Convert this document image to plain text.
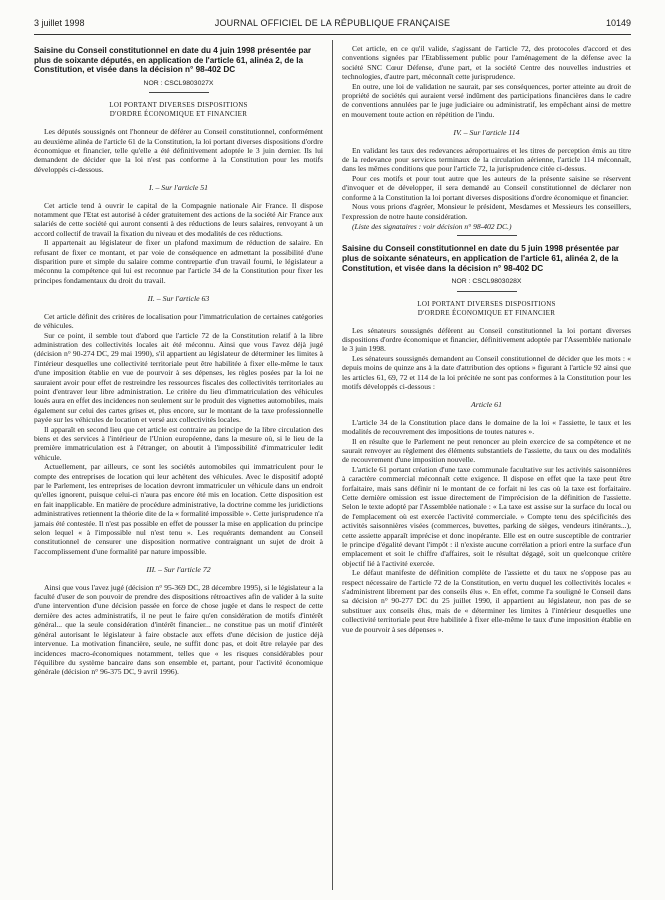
3 juillet 1998	JOURNAL OFFICIEL DE LA RÉPUBLIQUE FRANÇAISE	10149
Saisine du Conseil constitutionnel en date du 4 juin 1998 présentée par plus de soixante députés, en application de l'article 61, alinéa 2, de la Constitution, et visée dans la décision n° 98-402 DC
NOR : CSCL9803027X
LOI PORTANT DIVERSES DISPOSITIONS
D'ORDRE ÉCONOMIQUE ET FINANCIER

Les députés soussignés ont l'honneur de déférer au Conseil constitutionnel, conformément au deuxième alinéa de l'article 61 de la Constitution, la loi portant diverses dispositions d'ordre économique et financier, telle qu'elle a été définitivement adoptée le 3 juin dernier. Ils lui demandent de décider que la loi n'est pas conforme à la Constitution pour les motifs développés ci-dessous.

I. – Sur l'article 51

Cet article tend à ouvrir le capital de la Compagnie nationale Air France. Il dispose notamment que l'Etat est autorisé à céder gratuitement des actions de la société Air France aux salariés de cette société qui auront consenti à des réductions de leurs salaires, renvoyant à un accord collectif de travail la fixation du niveau et des modalités de ces réductions.

Il appartenait au législateur de fixer un plafond maximum de réduction de salaire. En refusant de fixer ce montant, et par voie de conséquence en admettant la possibilité d'une disparition pure et simple du salaire comme contrepartie d'un travail fourni, le législateur a méconnu la compétence qui lui est reconnue par l'article 34 de la Constitution pour fixer les principes fondamentaux du droit du travail.

II. – Sur l'article 63

Cet article définit des critères de localisation pour l'immatriculation de certaines catégories de véhicules.

Sur ce point, il semble tout d'abord que l'article 72 de la Constitution relatif à la libre administration des collectivités locales ait été méconnu. Ainsi que vous l'avez déjà jugé (décision n° 90-274 DC, 29 mai 1990), s'il appartient au législateur de déterminer les limites à l'intérieur desquelles une collectivité territoriale peut être habilitée à fixer elle-même le taux d'une imposition établie en vue de pourvoir à ses dépenses, les règles posées par la loi ne sauraient avoir pour effet de restreindre les ressources fiscales des collectivités territoriales au point d'entraver leur libre administration. Le critère du lieu d'immatriculation des véhicules loués aura en effet des incidences non seulement sur le produit des vignettes automobiles, mais également sur celui des cartes grises et, plus encore, sur le montant de la taxe professionnelle payée sur les véhicules de location et versé aux collectivités locales.

Il apparaît en second lieu que cet article est contraire au principe de la libre circulation des biens et des services à l'intérieur de l'Union européenne, dans la mesure où, si le lieu de la première immatriculation est à l'étranger, on aboutit à l'impossibilité d'immatriculer ledit véhicule.

Actuellement, par ailleurs, ce sont les sociétés automobiles qui immatriculent pour le compte des entreprises de location qui leur achètent des véhicules. Avec le dispositif adopté par le Parlement, les entreprises de location devront immatriculer un véhicule dans un endroit qu'elles ignorent, puisque celui-ci n'aura pas encore été mis en location. Cette disposition est en fait inapplicable. En matière de procédure administrative, la doctrine comme les juridictions administratives retiennent la théorie dite de la « formalité impossible ». Cette jurisprudence n'a jamais été contestée. Il n'est pas possible en effet de pousser la mise en application du principe selon lequel « à l'impossible nul n'est tenu ». Les requérants demandent au Conseil constitutionnel de censurer une disposition normative contraignant un sujet de droit à l'accomplissement d'une formalité par nature impossible.

III. – Sur l'article 72

Ainsi que vous l'avez jugé (décision n° 95-369 DC, 28 décembre 1995), si le législateur a la faculté d'user de son pouvoir de prendre des dispositions rétroactives afin de valider à la suite d'une intervention d'une décision passée en force de chose jugée et dans le respect de cette dernière des actes administratifs, il ne peut le faire qu'en considération de motifs d'intérêt général... que la seule considération d'intérêt financier... ne constitue pas un motif d'intérêt général autorisant le législateur à faire obstacle aux effets d'une décision de justice déjà intervenue. La motivation financière, seule, ne suffit donc pas, et doit être relayée par des incidences macro-économiques notamment, telles que « les risques considérables pour l'équilibre du système bancaire dans son ensemble et, partant, pour l'activité économique générale (décision n° 96-375 DC, 9 avril 1996).

Cet article, en ce qu'il valide, s'agissant de l'article 72, des protocoles d'accord et des conventions signées par l'Etablissement public pour l'aménagement de la défense avec la société SNC Cœur Défense, d'une part, et la société Centre des nouvelles industries et technologies, d'autre part, méconnaît cette jurisprudence.

En outre, une loi de validation ne saurait, par ses conséquences, porter atteinte au droit de propriété de sociétés qui auraient versé indûment des participations financières dans le cadre de conventions annulées par le juge judiciaire ou administratif, les empêchant ainsi de mettre en mouvement toute action en répétition de l'indu.

IV. – Sur l'article 114

En validant les taux des redevances aéroportuaires et les titres de perception émis au titre de la redevance pour services terminaux de la circulation aérienne, l'article 114 méconnaît, dans les mêmes conditions que pour l'article 72, la jurisprudence citée ci-dessus.

Pour ces motifs et pour tout autre que les auteurs de la présente saisine se réservent d'invoquer et de développer, il sera demandé au Conseil constitutionnel de déclarer non conforme à la Constitution la loi portant diverses dispositions d'ordre économique et financier.

Nous vous prions d'agréer, Monsieur le président, Mesdames et Messieurs les conseillers, l'expression de notre haute considération.

(Liste des signataires : voir décision n° 98-402 DC.)

Saisine du Conseil constitutionnel en date du 5 juin 1998 présentée par plus de soixante sénateurs, en application de l'article 61, alinéa 2, de la Constitution, et visée dans la décision n° 98-402 DC
NOR : CSCL9803028X
LOI PORTANT DIVERSES DISPOSITIONS
D'ORDRE ÉCONOMIQUE ET FINANCIER

Les sénateurs soussignés défèrent au Conseil constitutionnel la loi portant diverses dispositions d'ordre économique et financier, définitivement adoptée par l'Assemblée nationale le 3 juin 1998.

Les sénateurs soussignés demandent au Conseil constitutionnel de décider que les mots : « depuis moins de quinze ans à la date d'attribution des options » figurant à l'article 92 ainsi que les articles 61, 69, 72 et 114 de la loi précitée ne sont pas conformes à la Constitution pour les motifs développés ci-dessous :

Article 61

L'article 34 de la Constitution place dans le domaine de la loi « l'assiette, le taux et les modalités de recouvrement des impositions de toutes natures ».

Il en résulte que le Parlement ne peut renoncer au plein exercice de sa compétence et ne saurait renvoyer au règlement des éléments substantiels de l'assiette, du taux ou des modalités de recouvrement d'une imposition nouvelle.

L'article 61 portant création d'une taxe communale facultative sur les activités saisonnières à caractère commercial méconnaît cette exigence. Il dispose en effet que la taxe peut être forfaitaire, mais sans définir ni le montant de ce forfait ni les cas où la taxe est forfaitaire. Cette dernière omission est issue directement de l'imprécision de la définition de l'assiette. Selon le texte adopté par l'Assemblée nationale : « La taxe est assise sur la surface du local ou de l'emplacement où est exercée l'activité commerciale. » Compte tenu des spécificités des activités saisonnières visées (commerces, buvettes, parking de sièges, vendeurs itinérants...), cette assiette apparaît imprécise et donc inopérante. Elle est en outre susceptible de contrarier le principe d'égalité devant l'impôt : il n'existe aucune corrélation a priori entre la surface d'un emplacement et soit le chiffre d'affaires, soit le résultat dégagé, soit un quelconque critère objectif lié à l'activité exercée.

Le défaut manifeste de définition complète de l'assiette et du taux ne s'oppose pas au respect nécessaire de l'article 72 de la Constitution, en vertu duquel les collectivités locales « s'administrent librement par des conseils élus ». En effet, comme l'a souligné le Conseil dans sa décision n° 90-277 DC du 25 juillet 1990, il appartient au législateur, non pas de se substituer aux conseils élus, mais de « déterminer les limites à l'intérieur desquelles une collectivité territoriale peut être habilitée à fixer elle-même le taux d'une imposition établie en vue de pourvoir à ses dépenses ».
